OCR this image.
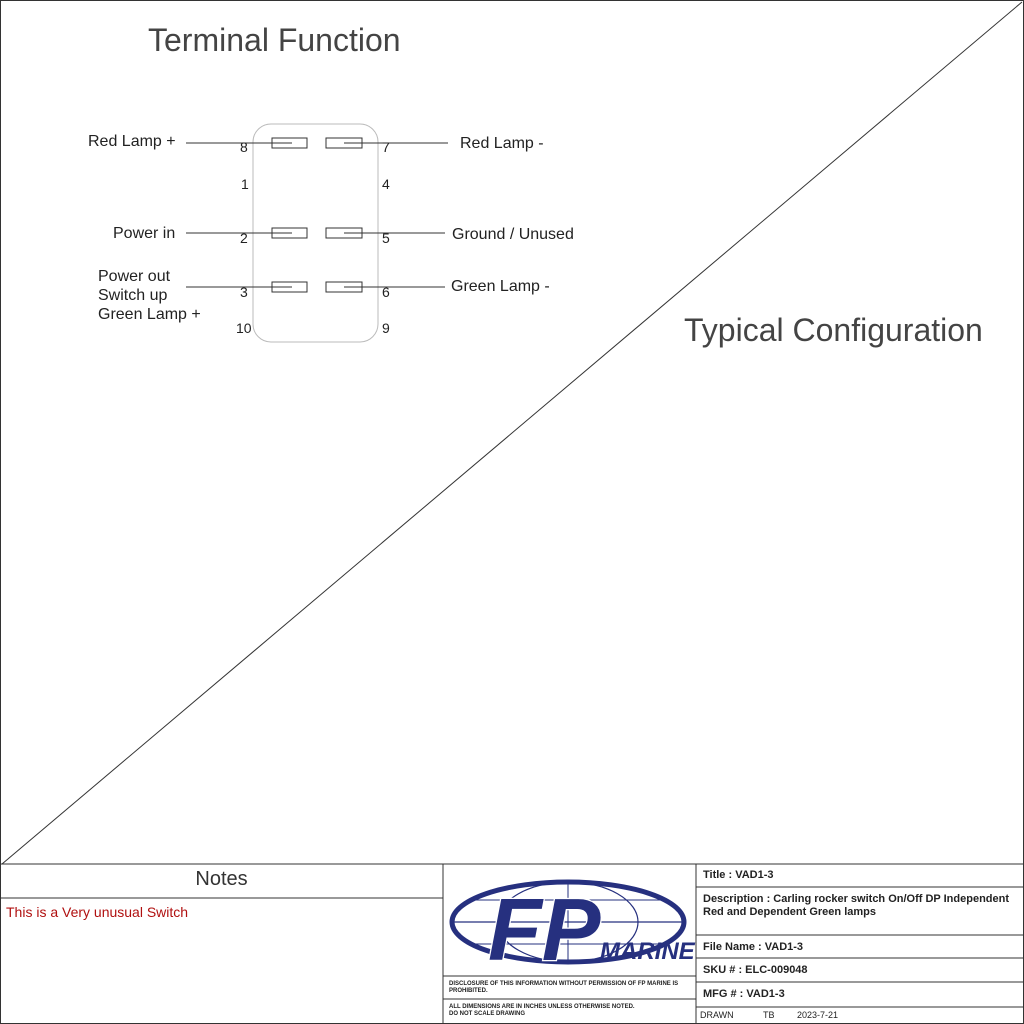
FP MARINE
Terminal Function
Typical Configuration
Red Lamp +	Red Lamp -
Power in	Ground / Unused
Power out
Switch up
Green Lamp +
Green Lamp -
8	7
1	4
2	5
3	6
10	9
Notes
This is a Very unusual Switch
DISCLOSURE OF THIS INFORMATION WITHOUT PERMISSION OF FP MARINE IS
PROHIBITED.
ALL DIMENSIONS ARE IN INCHES UNLESS OTHERWISE NOTED.
DO NOT SCALE DRAWING
Title : VAD1-3
Description : Carling rocker switch On/Off DP Independent
Red and Dependent Green lamps
File Name : VAD1-3
SKU # : ELC-009048
MFG # : VAD1-3
DRAWN	TB 2023-7-21
